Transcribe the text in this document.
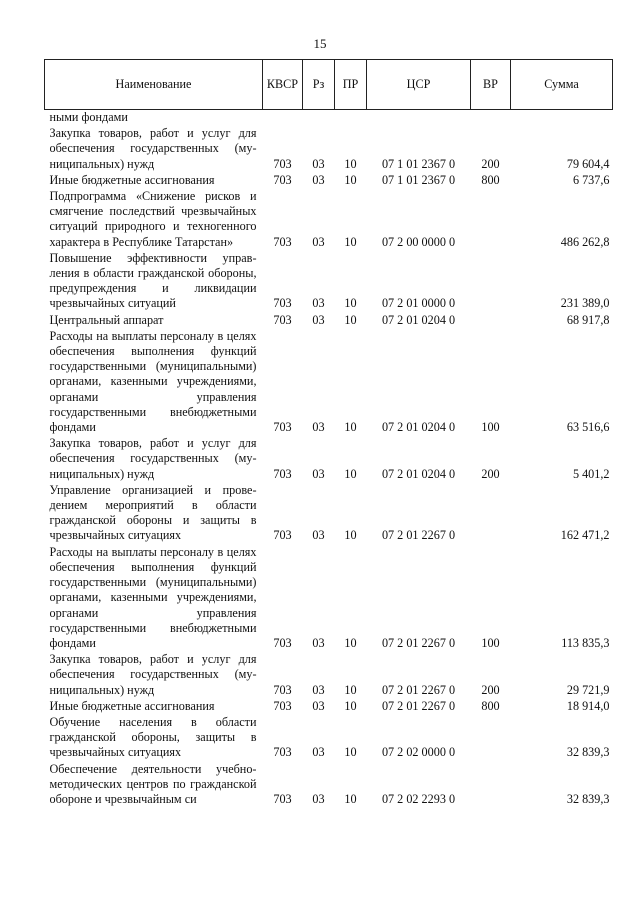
15
Наименование	КВСР	Рз	ПР	ЦСР	ВР	Сумма
ными фондами						
Закупка товаров, работ и услуг для обеспечения государственных (муниципальных) нужд	703	03	10	07 1 01 2367 0	200	79 604,4
Иные бюджетные ассигнования	703	03	10	07 1 01 2367 0	800	6 737,6
Подпрограмма «Снижение рисков и смягчение последствий чрезвычайных ситуаций природного и техногенного характера в Республике Татарстан»	703	03	10	07 2 00 0000 0		486 262,8
Повышение эффективности управления в области гражданской обороны, предупреждения и ликвидации чрезвычайных ситуаций	703	03	10	07 2 01 0000 0		231 389,0
Центральный аппарат	703	03	10	07 2 01 0204 0		68 917,8
Расходы на выплаты персоналу в целях обеспечения выполнения функций государственными (муниципальными) органами, казенными учреждениями, органами управления государственными внебюджетными фондами	703	03	10	07 2 01 0204 0	100	63 516,6
Закупка товаров, работ и услуг для обеспечения государственных (муниципальных) нужд	703	03	10	07 2 01 0204 0	200	5 401,2
Управление организацией и проведением мероприятий в области гражданской обороны и защиты в чрезвычайных ситуациях	703	03	10	07 2 01 2267 0		162 471,2
Расходы на выплаты персоналу в целях обеспечения выполнения функций государственными (муниципальными) органами, казенными учреждениями, органами управления государственными внебюджетными фондами	703	03	10	07 2 01 2267 0	100	113 835,3
Закупка товаров, работ и услуг для обеспечения государственных (муниципальных) нужд	703	03	10	07 2 01 2267 0	200	29 721,9
Иные бюджетные ассигнования	703	03	10	07 2 01 2267 0	800	18 914,0
Обучение населения в области гражданской обороны, защиты в чрезвычайных ситуациях	703	03	10	07 2 02 0000 0		32 839,3
Обеспечение деятельности учебно-методических центров по гражданской обороне и чрезвычайным си	703	03	10	07 2 02 2293 0		32 839,3
